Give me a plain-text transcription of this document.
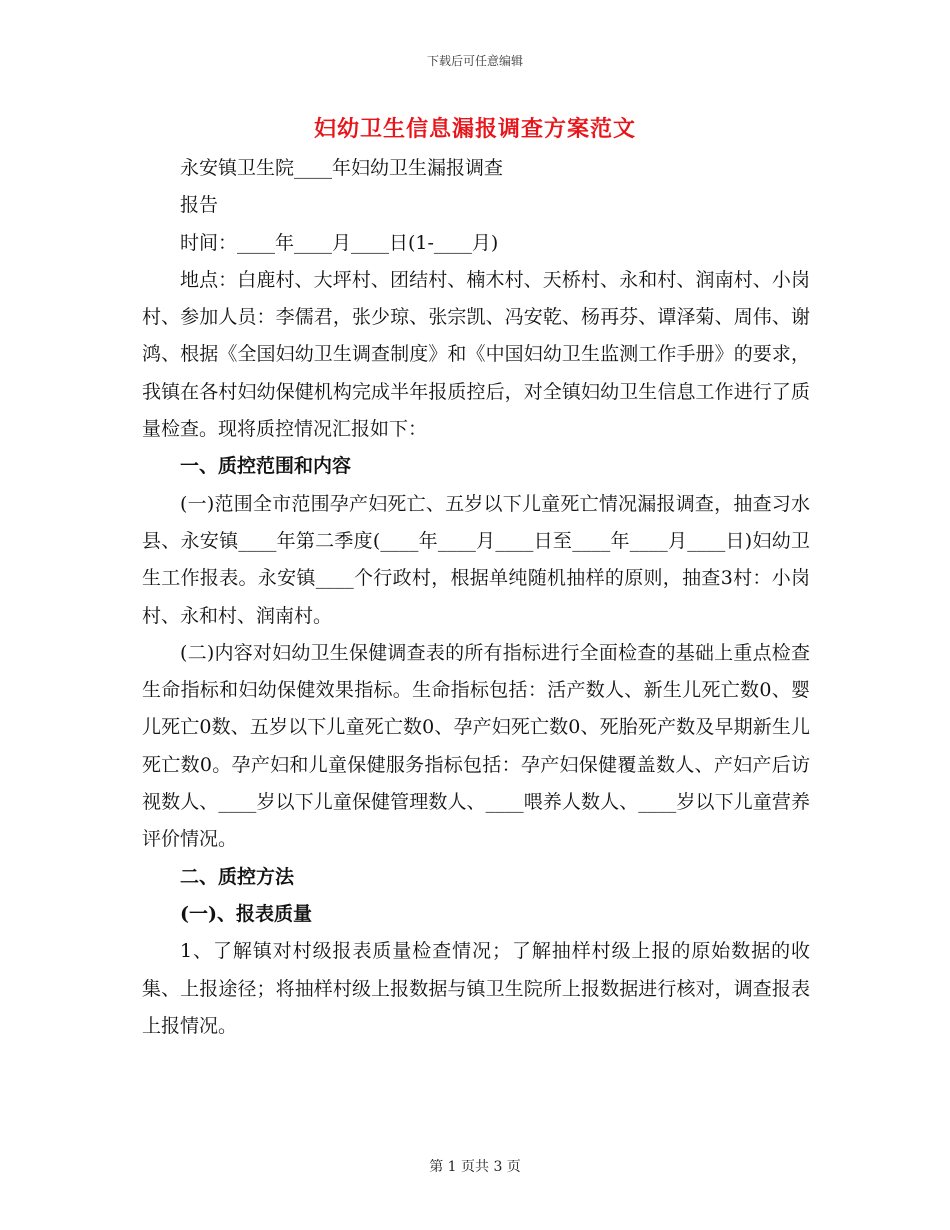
下载后可任意编辑
妇幼卫生信息漏报调查方案范文

永安镇卫生院____年妇幼卫生漏报调查

报告

时间：____年____月____日(1-____月)

地点：白鹿村、大坪村、团结村、楠木村、天桥村、永和村、润南村、小岗村、参加人员：李儒君，张少琼、张宗凯、冯安乾、杨再芬、谭泽菊、周伟、谢鸿、根据《全国妇幼卫生调查制度》和《中国妇幼卫生监测工作手册》的要求，我镇在各村妇幼保健机构完成半年报质控后，对全镇妇幼卫生信息工作进行了质量检查。现将质控情况汇报如下：

一、质控范围和内容

(一)范围全市范围孕产妇死亡、五岁以下儿童死亡情况漏报调查，抽查习水县、永安镇____年第二季度(____年____月____日至____年____月____日)妇幼卫生工作报表。永安镇____个行政村，根据单纯随机抽样的原则，抽查3村：小岗村、永和村、润南村。

(二)内容对妇幼卫生保健调查表的所有指标进行全面检查的基础上重点检查生命指标和妇幼保健效果指标。生命指标包括：活产数人、新生儿死亡数0、婴儿死亡0数、五岁以下儿童死亡数0、孕产妇死亡数0、死胎死产数及早期新生儿死亡数0。孕产妇和儿童保健服务指标包括：孕产妇保健覆盖数人、产妇产后访视数人、____岁以下儿童保健管理数人、____喂养人数人、____岁以下儿童营养评价情况。

二、质控方法

(一)、报表质量

1、了解镇对村级报表质量检查情况；了解抽样村级上报的原始数据的收集、上报途径；将抽样村级上报数据与镇卫生院所上报数据进行核对，调查报表上报情况。

第 1 页共 3 页
